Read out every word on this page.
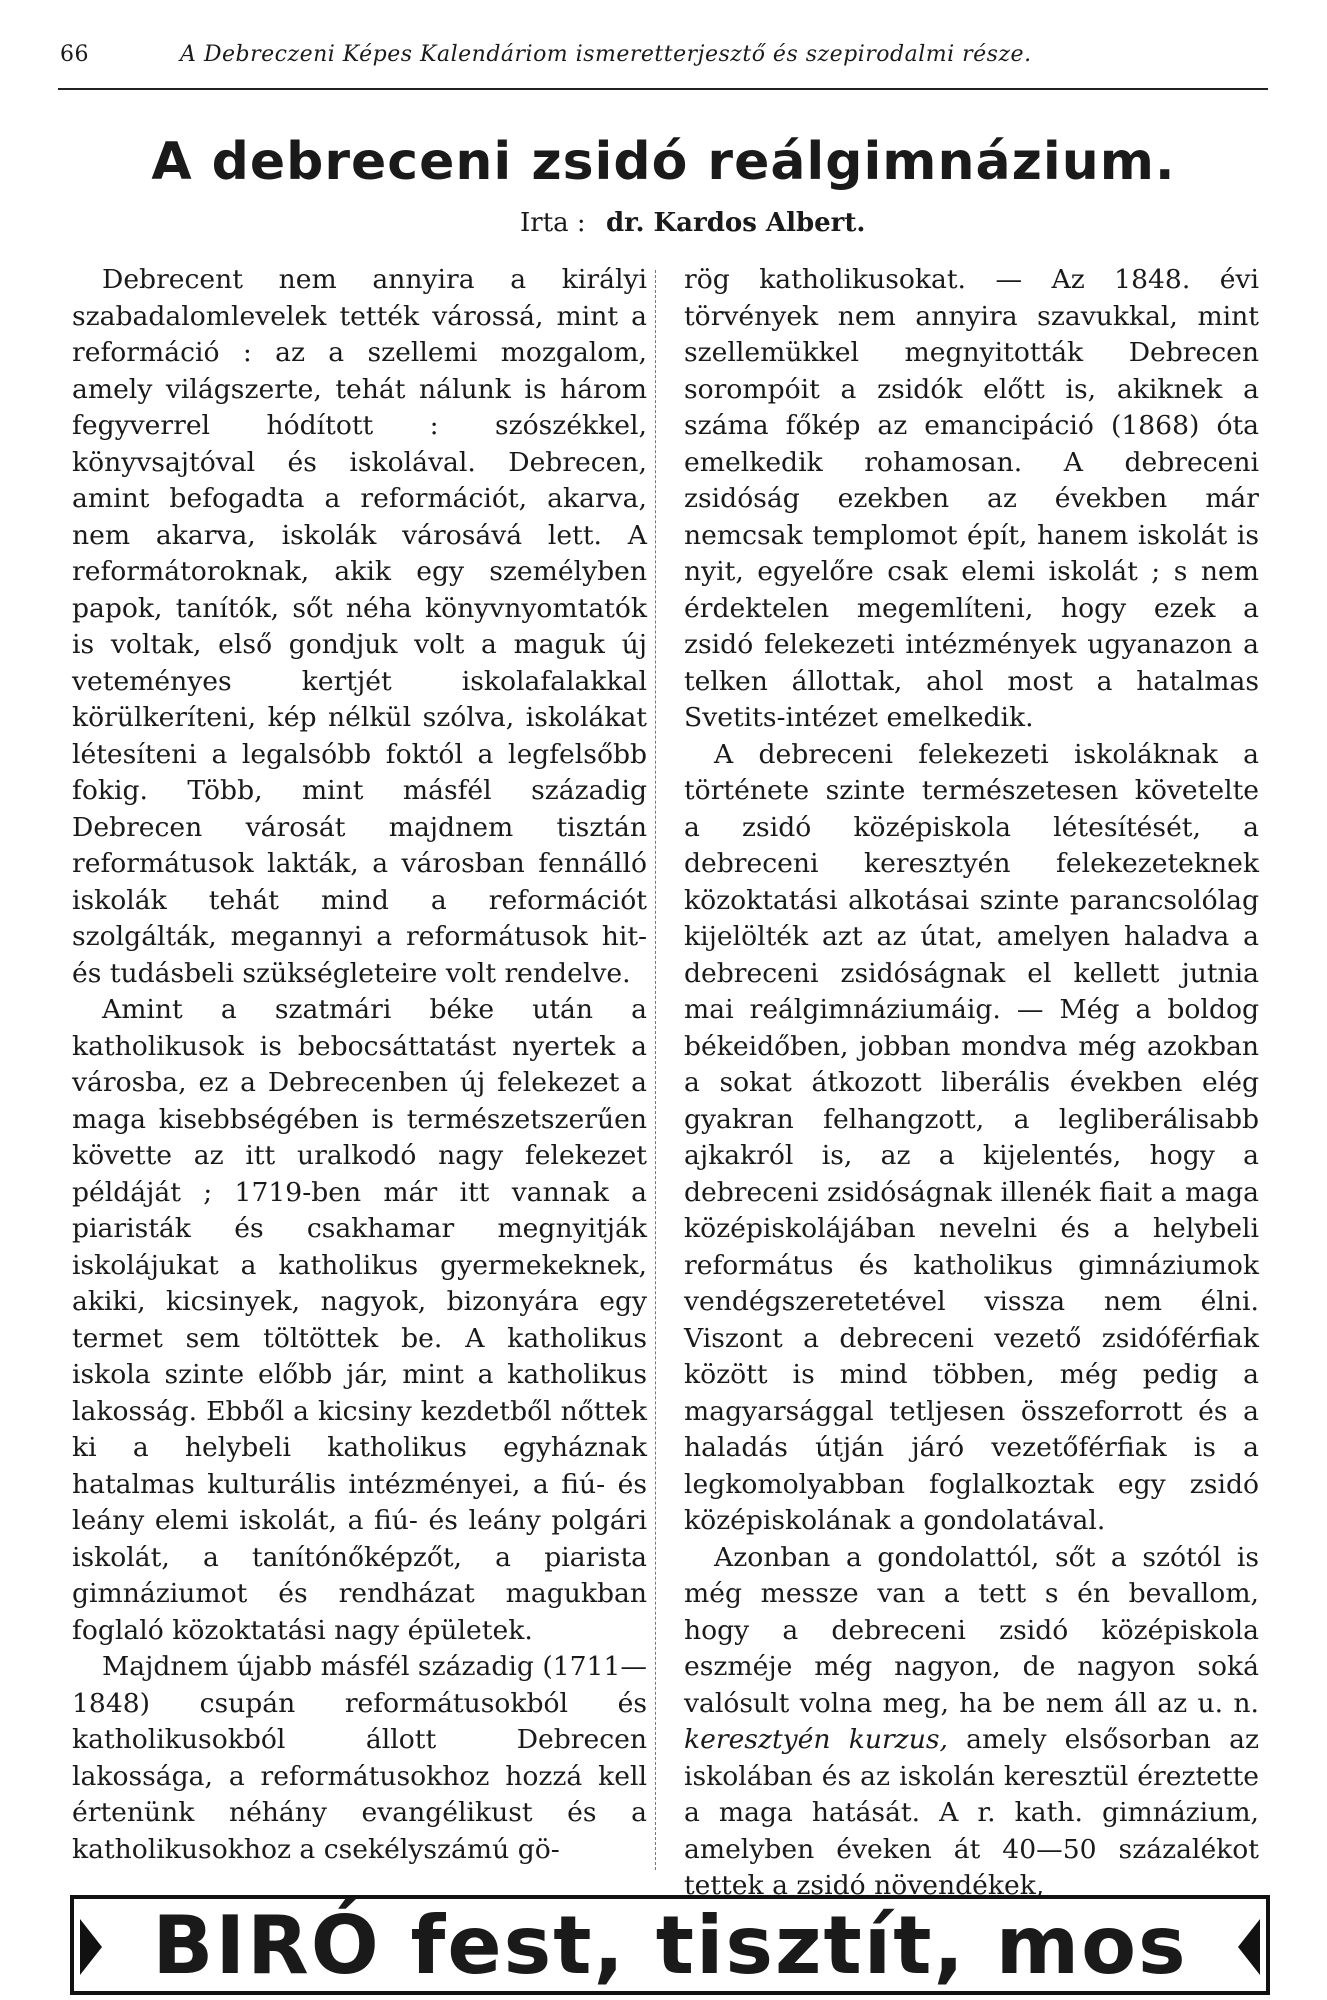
66	A Debreczeni Képes Kalendáriom ismeretterjesztő és szepirodalmi része.
A debreceni zsidó reálgimnázium.
Irta : dr. Kardos Albert.

Debrecent nem annyira a királyi szabadalomlevelek tették várossá, mint a reformáció : az a szellemi mozgalom, amely világszerte, tehát nálunk is három fegyverrel hódított : szószékkel, könyvsajtóval és iskolával. Debrecen, amint befogadta a reformációt, akarva, nem akarva, iskolák városává lett. A reformátoroknak, akik egy személyben papok, tanítók, sőt néha könyvnyomtatók is voltak, első gondjuk volt a maguk új veteményes kertjét iskolafalakkal körülkeríteni, kép nélkül szólva, iskolákat létesíteni a legalsóbb foktól a legfelsőbb fokig. Több, mint másfél századig Debrecen városát majdnem tisztán reformátusok lakták, a városban fennálló iskolák tehát mind a reformációt szolgálták, megannyi a reformátusok hit- és tudásbeli szükségleteire volt rendelve.

Amint a szatmári béke után a katholikusok is bebocsáttatást nyertek a városba, ez a Debrecenben új felekezet a maga kisebbségében is természetszerűen követte az itt uralkodó nagy felekezet példáját ; 1719-ben már itt vannak a piaristák és csakhamar megnyitják iskolájukat a katholikus gyermekeknek, akiki, kicsinyek, nagyok, bizonyára egy termet sem töltöttek be. A katholikus iskola szinte előbb jár, mint a katholikus lakosság. Ebből a kicsiny kezdetből nőttek ki a helybeli katholikus egyháznak hatalmas kulturális intézményei, a fiú- és leány elemi iskolát, a fiú- és leány polgári iskolát, a tanítónőképzőt, a piarista gimnáziumot és rendházat magukban foglaló közoktatási nagy épületek.

Majdnem újabb másfél századig (1711—1848) csupán reformátusokból és katholikusokból állott Debrecen lakossága, a reformátusokhoz hozzá kell értenünk néhány evangélikust és a katholikusokhoz a csekélyszámú gö-

rög katholikusokat. — Az 1848. évi törvények nem annyira szavukkal, mint szellemükkel megnyitották Debrecen sorompóit a zsidók előtt is, akiknek a száma főkép az emancipáció (1868) óta emelkedik rohamosan. A debreceni zsidóság ezekben az években már nemcsak templomot épít, hanem iskolát is nyit, egyelőre csak elemi iskolát ; s nem érdektelen megemlíteni, hogy ezek a zsidó felekezeti intézmények ugyanazon a telken állottak, ahol most a hatalmas Svetits-intézet emelkedik.

A debreceni felekezeti iskoláknak a története szinte természetesen követelte a zsidó középiskola létesítését, a debreceni keresztyén felekezeteknek közoktatási alkotásai szinte parancsolólag kijelölték azt az útat, amelyen haladva a debreceni zsidóságnak el kellett jutnia mai reálgimnáziumáig. — Még a boldog békeidőben, jobban mondva még azokban a sokat átkozott liberális években elég gyakran felhangzott, a legliberálisabb ajkakról is, az a kijelentés, hogy a debreceni zsidóságnak illenék fiait a maga középiskolájában nevelni és a helybeli református és katholikus gimnáziumok vendégszeretetével vissza nem élni. Viszont a debreceni vezető zsidóférfiak között is mind többen, még pedig a magyarsággal tetljesen összeforrott és a haladás útján járó vezetőférfiak is a legkomolyabban foglalkoztak egy zsidó középiskolának a gondolatával.

Azonban a gondolattól, sőt a szótól is még messze van a tett s én bevallom, hogy a debreceni zsidó középiskola eszméje még nagyon, de nagyon soká valósult volna meg, ha be nem áll az u. n. keresztyén kurzus, amely elsősorban az iskolában és az iskolán keresztül éreztette a maga hatását. A r. kath. gimnázium, amelyben éveken át 40—50 százalékot tettek a zsidó növendékek,

BIRÓ fest, tisztít, mos
